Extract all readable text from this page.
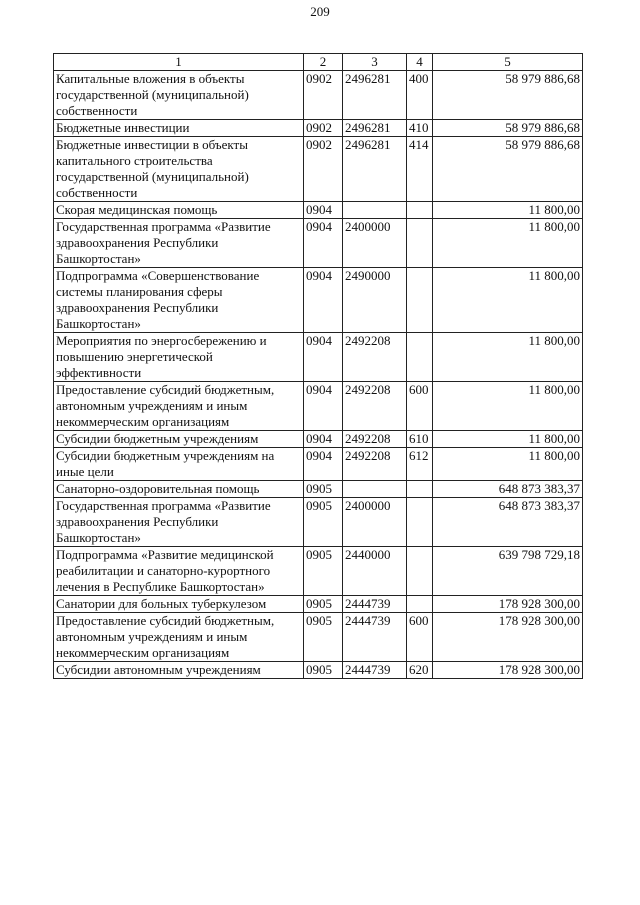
209
1	2	3	4	5
Капитальные вложения в объекты государственной (муниципальной) собственности	0902	2496281	400	58 979 886,68
Бюджетные инвестиции	0902	2496281	410	58 979 886,68
Бюджетные инвестиции в объекты капитального строительства государственной (муниципальной) собственности	0902	2496281	414	58 979 886,68
Скорая медицинская помощь	0904			11 800,00
Государственная программа «Развитие здравоохранения Республики Башкортостан»	0904	2400000		11 800,00
Подпрограмма «Совершенствование системы планирования сферы здравоохранения Республики Башкортостан»	0904	2490000		11 800,00
Мероприятия по энергосбережению и повышению энергетической эффективности	0904	2492208		11 800,00
Предоставление субсидий бюджетным, автономным учреждениям и иным некоммерческим организациям	0904	2492208	600	11 800,00
Субсидии бюджетным учреждениям	0904	2492208	610	11 800,00
Субсидии бюджетным учреждениям на иные цели	0904	2492208	612	11 800,00
Санаторно-оздоровительная помощь	0905			648 873 383,37
Государственная программа «Развитие здравоохранения Республики Башкортостан»	0905	2400000		648 873 383,37
Подпрограмма «Развитие медицинской реабилитации и санаторно-курортного лечения в Республике Башкортостан»	0905	2440000		639 798 729,18
Санатории для больных туберкулезом	0905	2444739		178 928 300,00
Предоставление субсидий бюджетным, автономным учреждениям и иным некоммерческим организациям	0905	2444739	600	178 928 300,00
Субсидии автономным учреждениям	0905	2444739	620	178 928 300,00
